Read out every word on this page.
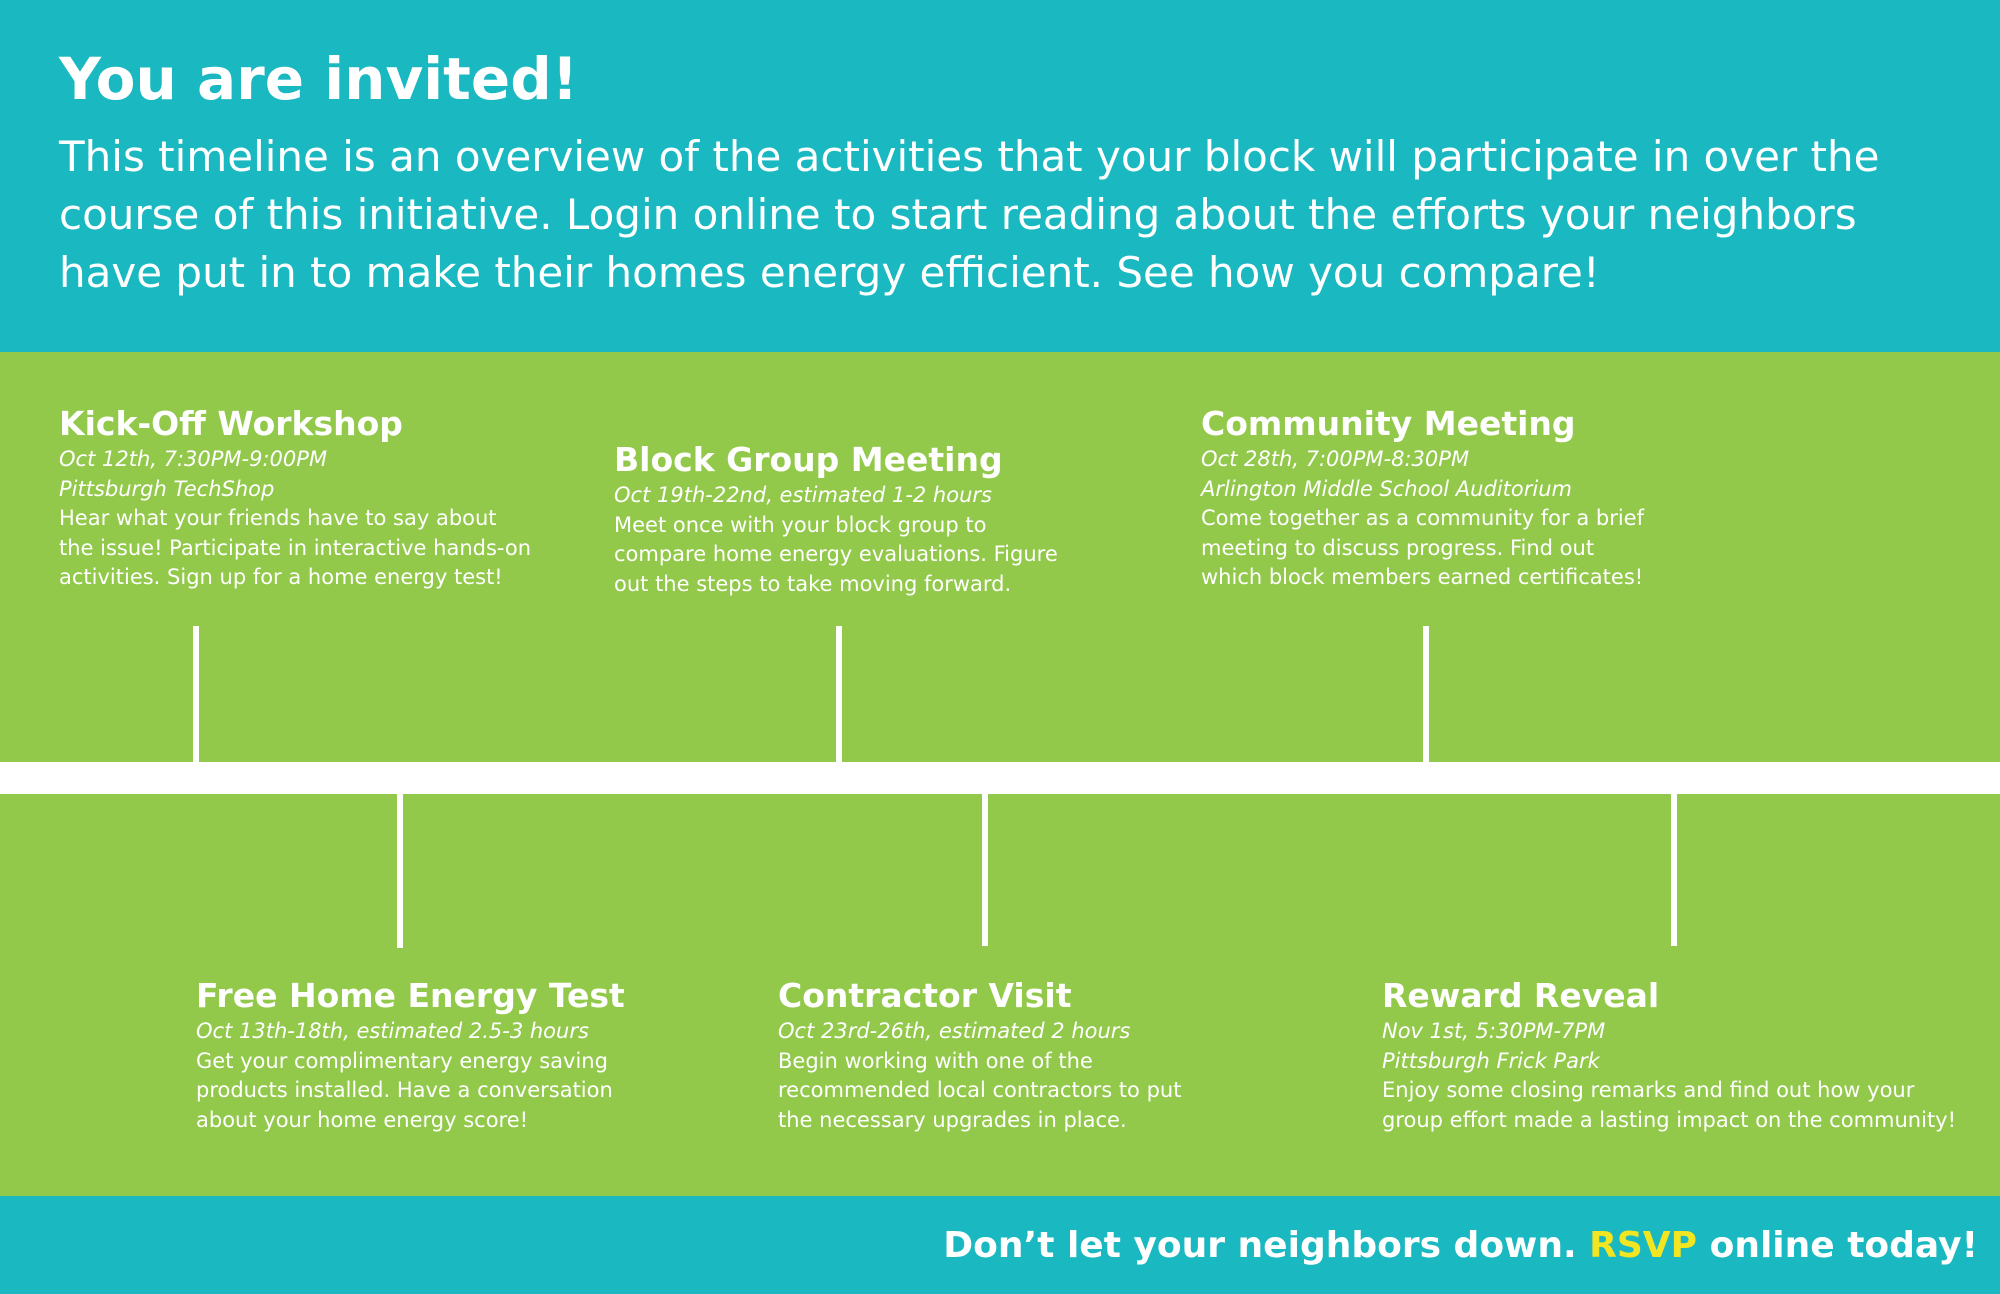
You are invited!
This timeline is an overview of the activities that your block will participate in over the
course of this initiative. Login online to start reading about the efforts your neighbors
have put in to make their homes energy efficient. See how you compare!
Kick-Off Workshop
Oct 12th, 7:30PM-9:00PM
Pittsburgh TechShop
Hear what your friends have to say about
the issue! Participate in interactive hands-on
activities. Sign up for a home energy test!
Free Home Energy Test
Oct 13th-18th, estimated 2.5-3 hours
Get your complimentary energy saving
products installed. Have a conversation
about your home energy score!
Block Group Meeting
Oct 19th-22nd, estimated 1-2 hours
Meet once with your block group to
compare home energy evaluations. Figure
out the steps to take moving forward.
Contractor Visit
Oct 23rd-26th, estimated 2 hours
Begin working with one of the
recommended local contractors to put
the necessary upgrades in place.
Community Meeting
Oct 28th, 7:00PM-8:30PM
Arlington Middle School Auditorium
Come together as a community for a brief
meeting to discuss progress. Find out
which block members earned certificates!
Reward Reveal
Nov 1st, 5:30PM-7PM
Pittsburgh Frick Park
Enjoy some closing remarks and find out how your
group effort made a lasting impact on the community!
Don’t let your neighbors down. RSVP online today!
